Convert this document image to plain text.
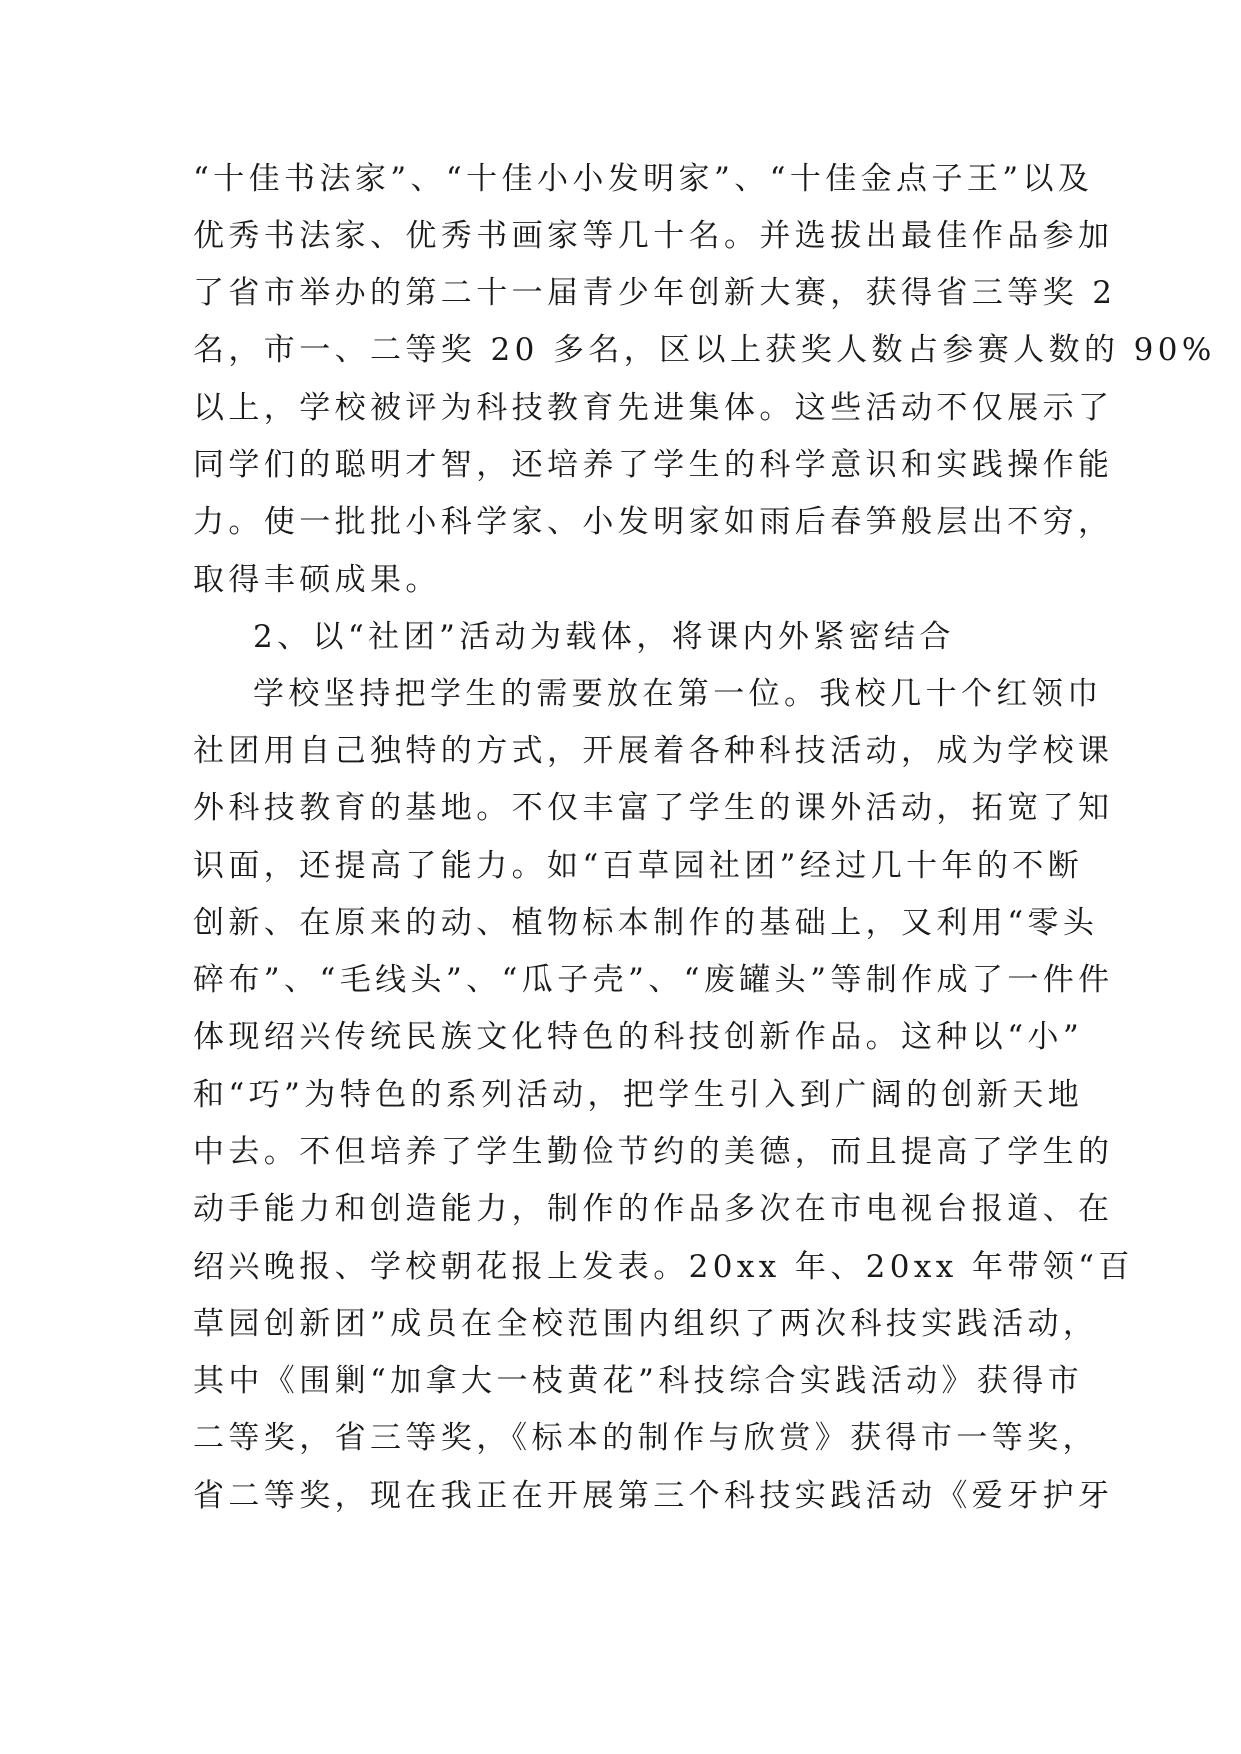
“十佳书法家”、“十佳小小发明家”、“十佳金点子王”以及
优秀书法家、优秀书画家等几十名。并选拔出最佳作品参加
了省市举办的第二十一届青少年创新大赛，获得省三等奖 2
名，市一、二等奖 20 多名，区以上获奖人数占参赛人数的 90%
以上，学校被评为科技教育先进集体。这些活动不仅展示了
同学们的聪明才智，还培养了学生的科学意识和实践操作能
力。使一批批小科学家、小发明家如雨后春笋般层出不穷，
取得丰硕成果。
2、以“社团”活动为载体，将课内外紧密结合
学校坚持把学生的需要放在第一位。我校几十个红领巾
社团用自己独特的方式，开展着各种科技活动，成为学校课
外科技教育的基地。不仅丰富了学生的课外活动，拓宽了知
识面，还提高了能力。如“百草园社团”经过几十年的不断
创新、在原来的动、植物标本制作的基础上，又利用“零头
碎布”、“毛线头”、“瓜子壳”、“废罐头”等制作成了一件件
体现绍兴传统民族文化特色的科技创新作品。这种以“小”
和“巧”为特色的系列活动，把学生引入到广阔的创新天地
中去。不但培养了学生勤俭节约的美德，而且提高了学生的
动手能力和创造能力，制作的作品多次在市电视台报道、在
绍兴晚报、学校朝花报上发表。20xx 年、20xx 年带领“百
草园创新团”成员在全校范围内组织了两次科技实践活动，
其中《围剿“加拿大一枝黄花”科技综合实践活动》获得市
二等奖，省三等奖，《标本的制作与欣赏》获得市一等奖，
省二等奖，现在我正在开展第三个科技实践活动《爱牙护牙
